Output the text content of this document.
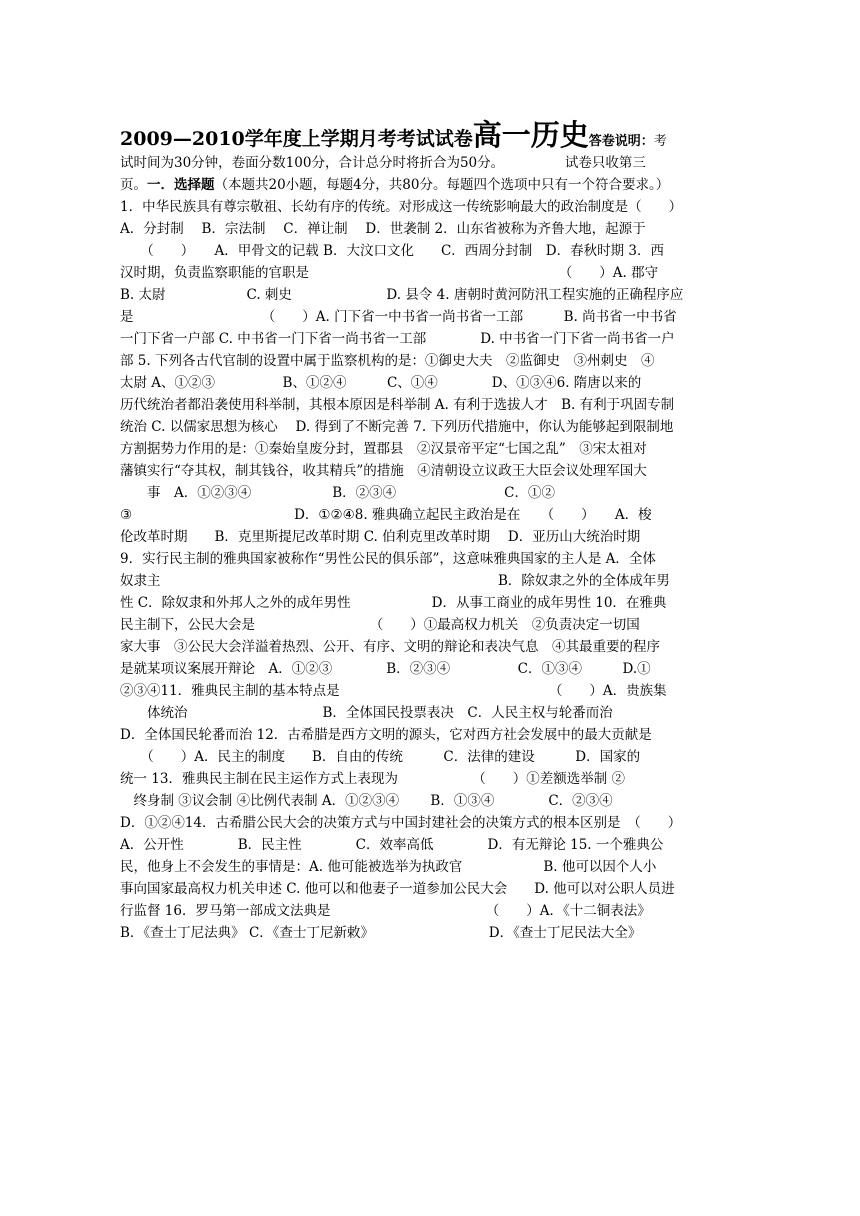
2009—2010学年度上学期月考考试试卷高一历史答卷说明：考
试时间为30分钟，卷面分数100分，合计总分时将折合为50分。　　　　　试卷只收第三
页。一．选择题（本题共20小题，每题4分，共80分。每题四个选项中只有一个符合要求。）
1．中华民族具有尊宗敬祖、长幼有序的传统。对形成这一传统影响最大的政治制度是（　　）
A．分封制　 B．宗法制　 C．禅让制　 D．世袭制 2．山东省被称为齐鲁大地，起源于
　　（　　）　　A．甲骨文的记载 B．大汶口文化　　C．西周分封制　D．春秋时期 3．西
汉时期，负责监察职能的官职是　　　　　　　　　　　　　　　　　　　（　　）A. 郡守
B. 太尉　　　　　　C. 刺史　　　　　　　D. 县令 4. 唐朝时黄河防汛工程实施的正确程序应
是　　　　　　　　　　（　　）A. 门下省一中书省一尚书省一工部　　　B. 尚书省一中书省
一门下省一户部 C. 中书省一门下省一尚书省一工部　　　　D. 中书省一门下省一尚书省一户
部 5. 下列各古代官制的设置中属于监察机构的是：①御史大夫　②监御史　③州刺史　④
太尉 A、①②③　　　　　B、①②④　　　C、①④　　　　D、①③④6. 隋唐以来的
历代统治者都沿袭使用科举制，其根本原因是科举制 A. 有利于选拔人才　B. 有利于巩固专制
统治 C. 以儒家思想为核心　 D. 得到了不断完善 7. 下列历代措施中，你认为能够起到限制地
方割据势力作用的是：①秦始皇废分封，置郡县　②汉景帝平定“七国之乱”　③宋太祖对
藩镇实行“夺其权，制其钱谷，收其精兵”的措施　④清朝设立议政王大臣会议处理军国大
　　事　A．①②③④　　　　　　B．②③④　　　　　　　　C．①②
③　　　　　　　　　　　　D．①②④8. 雅典确立起民主政治是在　　（　　）　　A．梭
伦改革时期　　B．克里斯提尼改革时期 C. 伯利克里改革时期　 D．亚历山大统治时期
9．实行民主制的雅典国家被称作“男性公民的俱乐部”，这意味雅典国家的主人是 A．全体
奴隶主　　　　　　　　　　　　　　　　　　　　　　　　　B．除奴隶之外的全体成年男
性 C．除奴隶和外邦人之外的成年男性　　　　　　D．从事工商业的成年男性 10．在雅典
民主制下，公民大会是　　　　　　　　　（　　）①最高权力机关　②负责决定一切国
家大事　③公民大会洋溢着热烈、公开、有序、文明的辩论和表决气息　④其最重要的程序
是就某项议案展开辩论　A．①②③　　　　B．②③④　　　　　C．①③④　　　D.①
②③④11．雅典民主制的基本特点是　　　　　　　　　　　　　　　　（　　）A．贵族集
　　体统治　　　　　　　　　　B．全体国民投票表决　C．人民主权与轮番而治
D．全体国民轮番而治 12．古希腊是西方文明的源头，它对西方社会发展中的最大贡献是
　　（　　）A．民主的制度　　B．自由的传统　　　C．法律的建设　　　D．国家的
统一 13．雅典民主制在民主运作方式上表现为　　　　　　（　　）①差额选举制 ②
　终身制 ③议会制 ④比例代表制 A．①②③④　　 B．①③④　　　　C．②③④
D．①②④14．古希腊公民大会的决策方式与中国封建社会的决策方式的根本区别是　（　　）
A．公开性　　　　B．民主性　　　　C．效率高低　　　　D．有无辩论 15. 一个雅典公
民，他身上不会发生的事情是：A. 他可能被选举为执政官　　　　　　B. 他可以因个人小
事向国家最高权力机关申述 C. 他可以和他妻子一道参加公民大会　　D. 他可以对公职人员进
行监督 16．罗马第一部成文法典是　　　　　　　　　　　　（　　）A．《十二铜表法》
B．《查士丁尼法典》 C．《查士丁尼新敕》　　　　　　　　　D．《查士丁尼民法大全》
